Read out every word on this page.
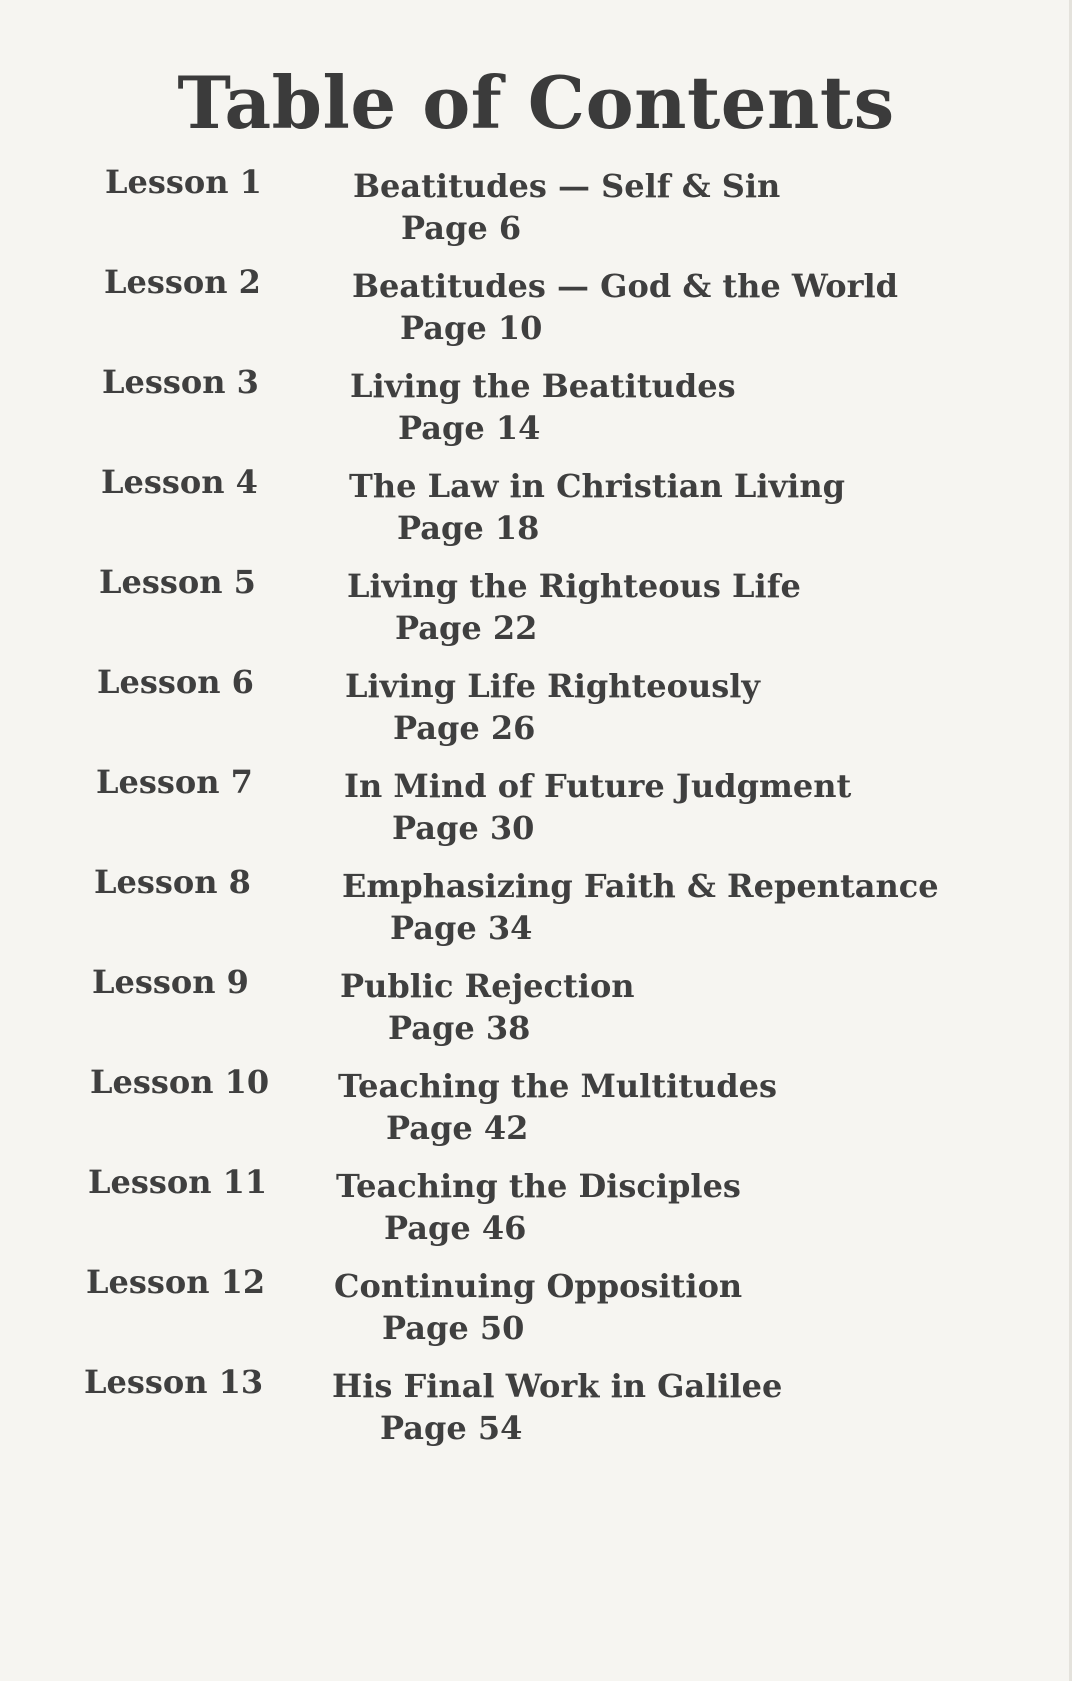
Table of Contents
Lesson 1	Beatitudes — Self & Sin
Page 6
Lesson 2	Beatitudes — God & the World
Page 10
Lesson 3	Living the Beatitudes
Page 14
Lesson 4	The Law in Christian Living
Page 18
Lesson 5	Living the Righteous Life
Page 22
Lesson 6	Living Life Righteously
Page 26
Lesson 7	In Mind of Future Judgment
Page 30
Lesson 8	Emphasizing Faith & Repentance
Page 34
Lesson 9	Public Rejection
Page 38
Lesson 10 Teaching the Multitudes
Page 42
Lesson 11 Teaching the Disciples
Page 46
Lesson 12 Continuing Opposition
Page 50
Lesson 13 His Final Work in Galilee
Page 54
